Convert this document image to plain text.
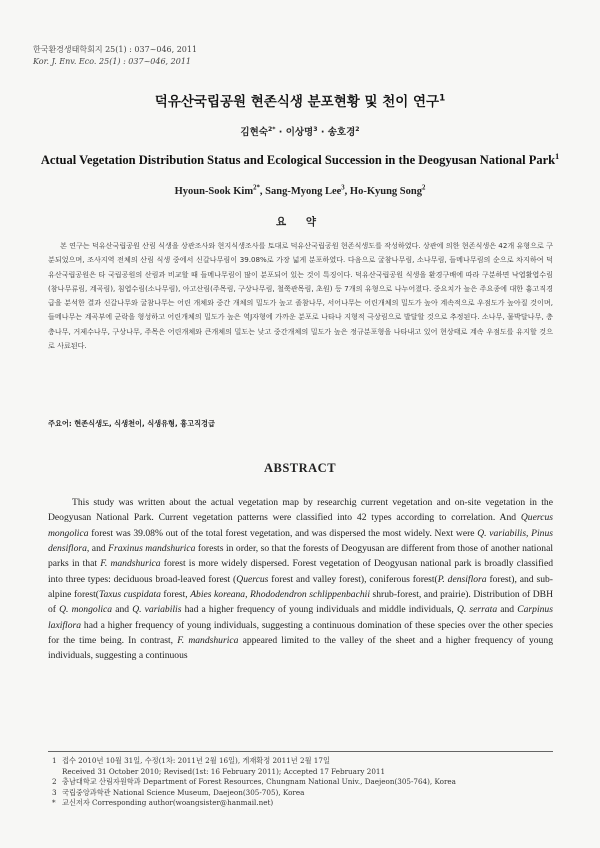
한국환경생태학회지 25(1) : 037~046, 2011
Kor. J. Env. Eco. 25(1) : 037~046, 2011
덕유산국립공원 현존식생 분포현황 및 천이 연구$^1$
김현숙$^{2*}$ · 이상명$^3$ · 송호경$^2$
Actual Vegetation Distribution Status and Ecological Succession in the Deogyusan National Park$^1$
Hyoun-Sook Kim$^{2*}$, Sang-Myong Lee$^3$, Ho-Kyung Song$^2$
요 약

본 연구는 덕유산국립공원 산림 식생을 상관조사와 현지식생조사를 토대로 덕유산국립공원 현존식생도를 작성하였다. 상관에 의한 현존식생은 42개 유형으로 구분되었으며, 조사지역 전체의 산림 식생 중에서 신갈나무림이 39.08%로 가장 넓게 분포하였다. 다음으로 굴참나무림, 소나무림, 들메나무림의 순으로 차지하여 덕유산국립공원은 타 국립공원의 산림과 비교할 때 들메나무림이 많이 분포되어 있는 것이 특징이다. 덕유산국립공원 식생을 환경구배에 따라 구분하면 낙엽활엽수림(참나무류림, 계곡림), 침엽수림(소나무림), 아고산림(주목림, 구상나무림, 철쭉관목림, 초원) 등 7개의 유형으로 나누어졌다. 중요치가 높은 주요종에 대한 흉고직경급을 분석한 결과 신갈나무와 굴참나무는 어린 개체와 중간 개체의 밀도가 높고 졸참나무, 서어나무는 어린개체의 밀도가 높아 계속적으로 우점도가 높아질 것이며, 들메나무는 계곡부에 군락을 형성하고 어린개체의 밀도가 높은 역J자형에 가까운 분포로 나타나 지형적 극상림으로 발달할 것으로 추정된다. 소나무, 물박달나무, 층층나무, 거제수나무, 구상나무, 주목은 어린개체와 큰개체의 밀도는 낮고 중간개체의 밀도가 높은 정규분포형을 나타내고 있어 현상태로 계속 우점도를 유지할 것으로 사료된다.

주요어: 현존식생도, 식생천이, 식생유형, 흉고직경급
ABSTRACT

This study was written about the actual vegetation map by researchig current vegetation and on-site vegetation in the Deogyusan National Park. Current vegetation patterns were classified into 42 types according to correlation. And Quercus mongolica forest was 39.08% out of the total forest vegetation, and was dispersed the most widely. Next were Q. variabilis, Pinus densiflora, and Fraxinus mandshurica forests in order, so that the forests of Deogyusan are different from those of another national parks in that F. mandshurica forest is more widely dispersed. Forest vegetation of Deogyusan national park is broadly classified into three types: deciduous broad-leaved forest (Quercus forest and valley forest), coniferous forest(P. densiflora forest), and sub-alpine forest(Taxus cuspidata forest, Abies koreana, Rhododendron schlippenbachii shrub-forest, and prairie). Distribution of DBH of Q. mongolica and Q. variabilis had a higher frequency of young individuals and middle individuals, Q. serrata and Carpinus laxiflora had a higher frequency of young individuals, suggesting a continuous domination of these species over the other species for the time being. In contrast, F. mandshurica appeared limited to the valley of the sheet and a higher frequency of young individuals, suggesting a continuous

1 접수 2010년 10월 31일, 수정(1차: 2011년 2월 16일), 게재확정 2011년 2월 17일
Received 31 October 2010; Revised(1st: 16 February 2011); Accepted 17 February 2011
2 충남대학교 산림자원학과 Department of Forest Resources, Chungnam National Univ., Daejeon(305-764), Korea
3 국립중앙과학관 National Science Museum, Daejeon(305-705), Korea
* 교신저자 Corresponding author(woangsister@hanmail.net)
